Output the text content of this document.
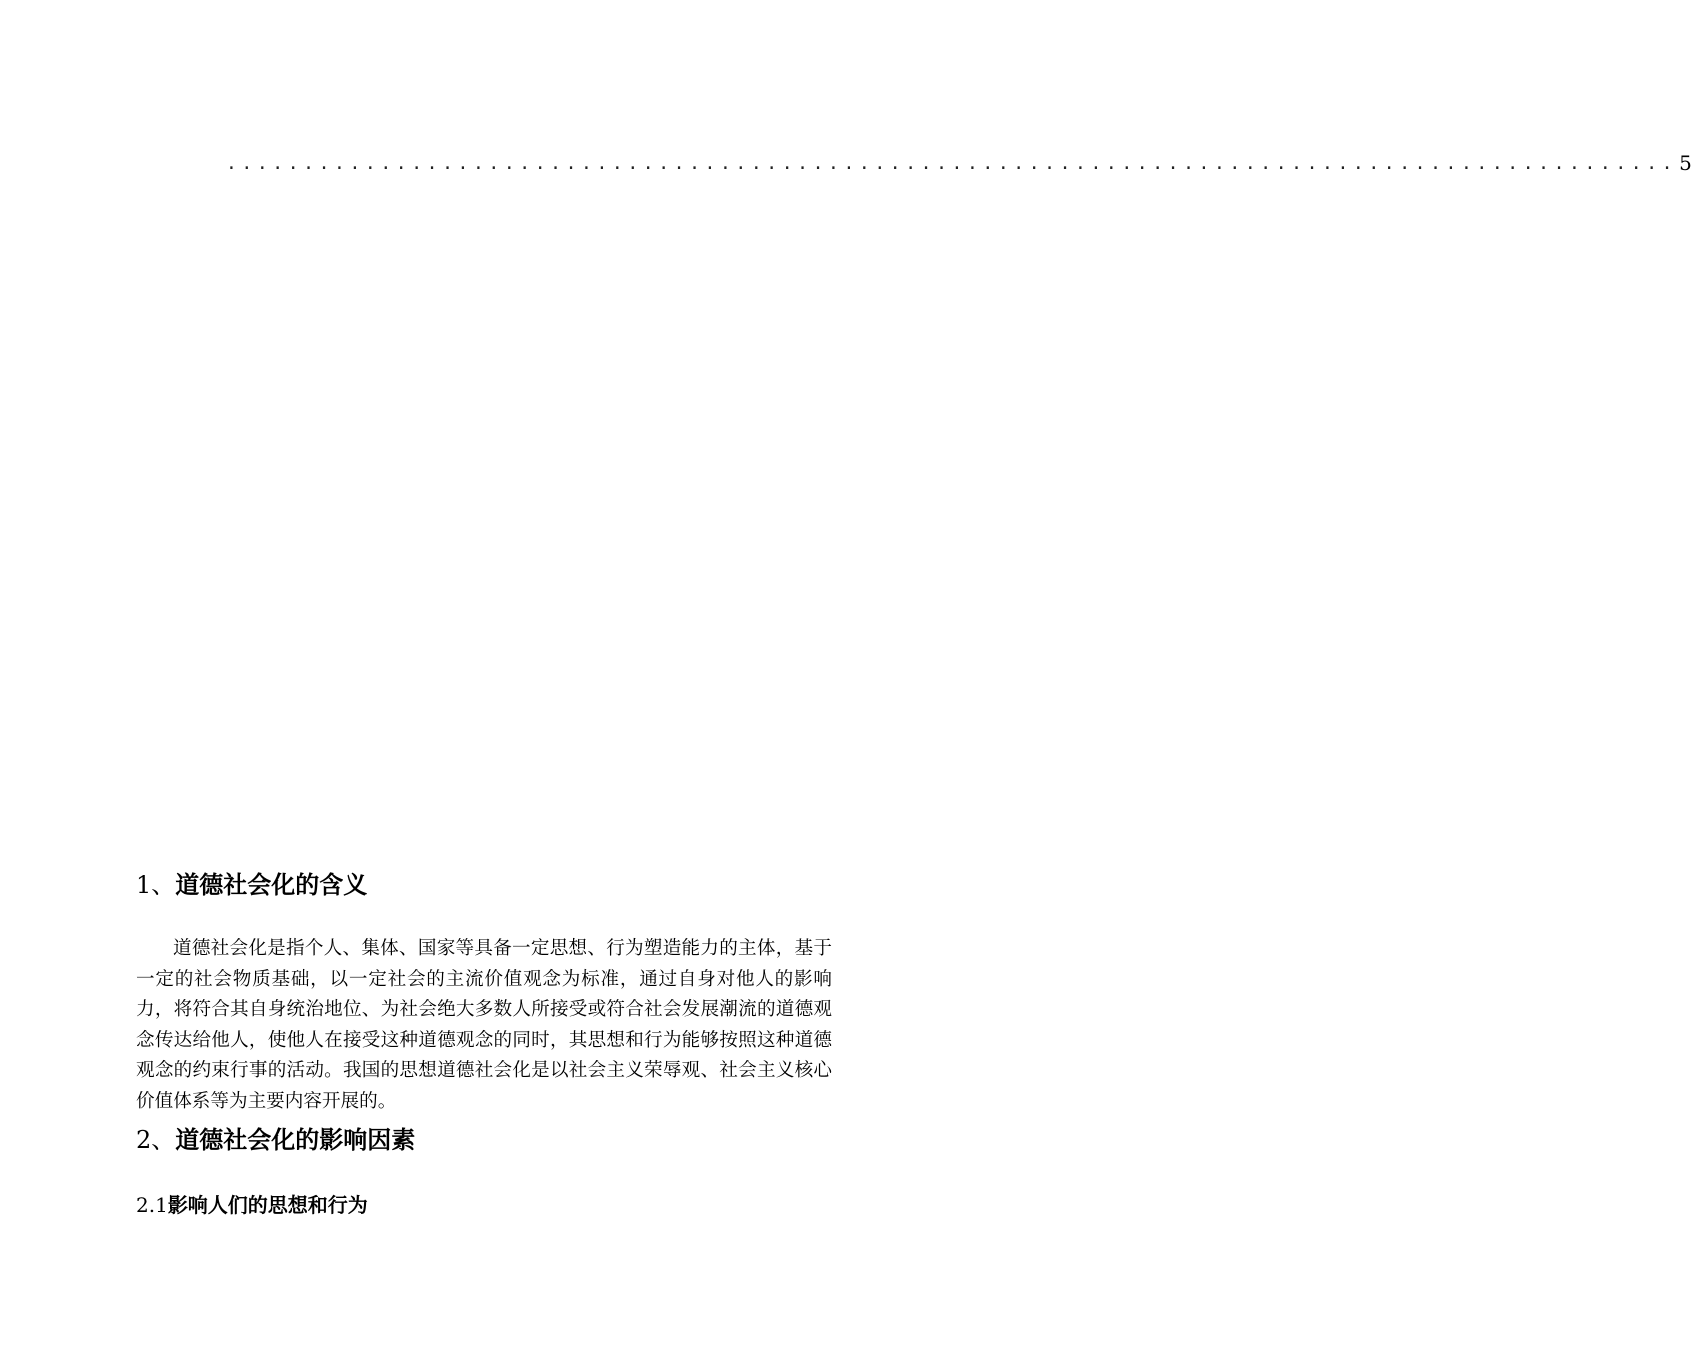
.............................................................................................. 5
1、道德社会化的含义

道德社会化是指个人、集体、国家等具备一定思想、行为塑造能力的主体，基于一定的社会物质基础，以一定社会的主流价值观念为标准，通过自身对他人的影响力，将符合其自身统治地位、为社会绝大多数人所接受或符合社会发展潮流的道德观念传达给他人，使他人在接受这种道德观念的同时，其思想和行为能够按照这种道德观念的约束行事的活动。我国的思想道德社会化是以社会主义荣辱观、社会主义核心价值体系等为主要内容开展的。

2、道德社会化的影响因素
2.1影响人们的思想和行为
